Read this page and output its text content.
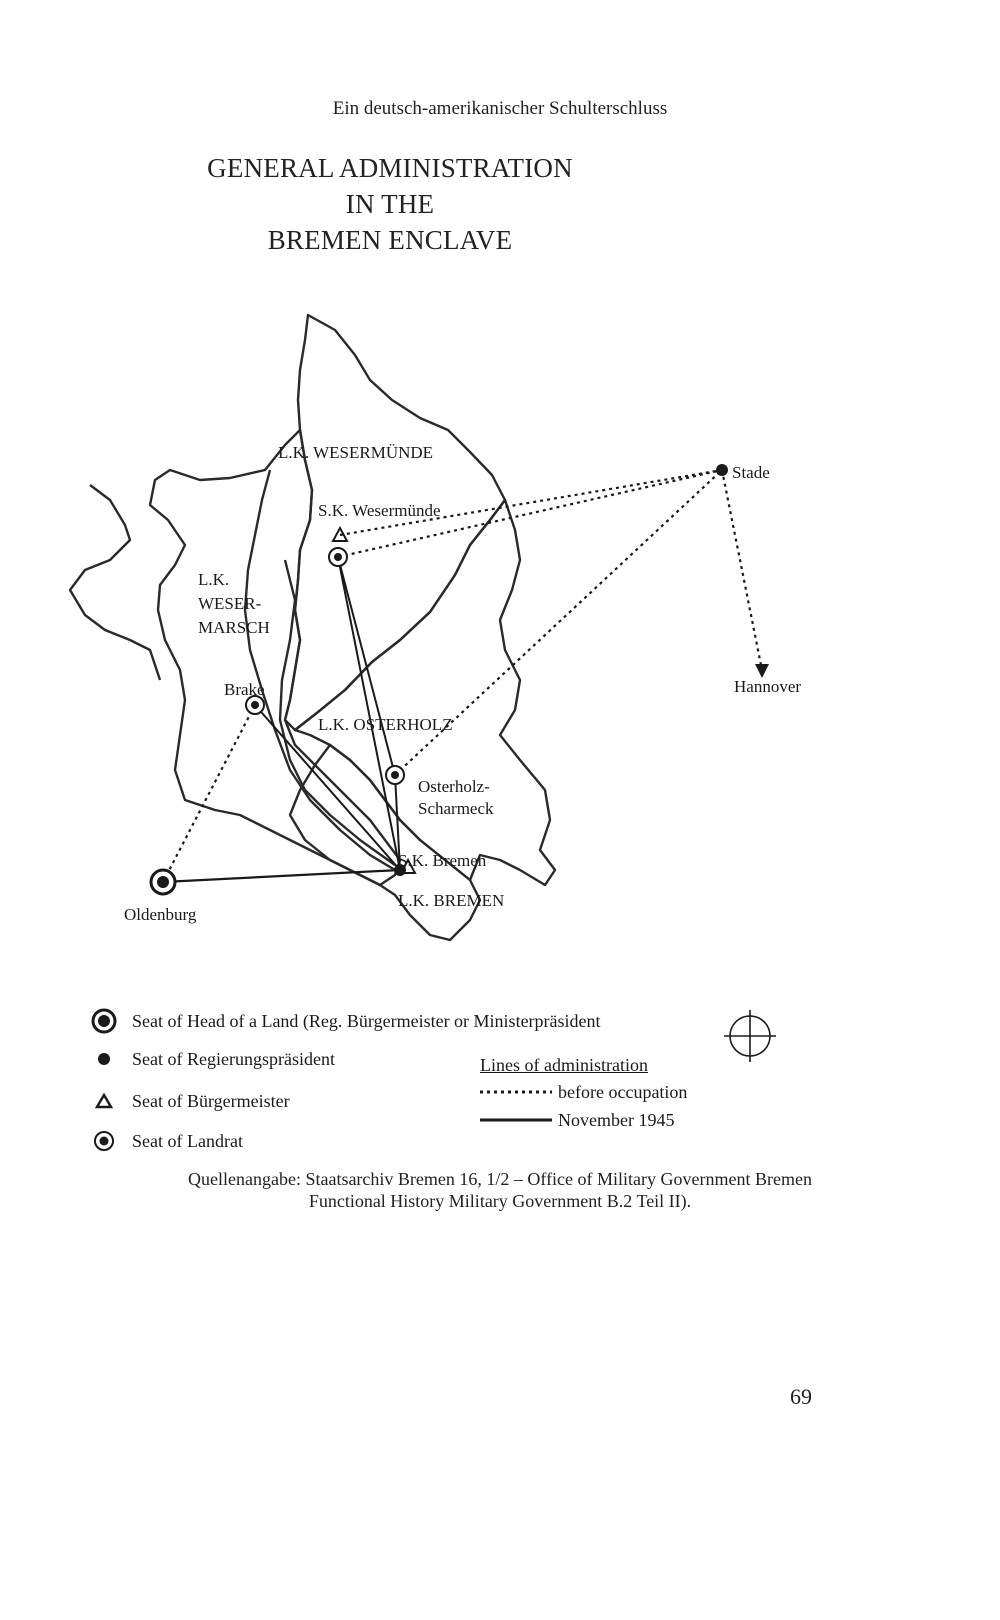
Ein deutsch-amerikanischer Schulterschluss
GENERAL ADMINISTRATION
IN THE
BREMEN ENCLAVE
L.K. WESERMÜNDE
Stade
S.K. Wesermünde
L.K.
WESER-
MARSCH
Brake	Hannover
L.K. OSTERHOLZ
Osterholz-
Scharmeck
S.K. Bremen
L.K. BREMEN
Oldenburg
Seat of Head of a Land (Reg. Bürgermeister or Ministerpräsident
Seat of Regierungspräsident
Seat of Bürgermeister
Seat of Landrat
Lines of administration
before occupation
November 1945
Quellenangabe: Staatsarchiv Bremen 16, 1/2 – Office of Military Government Bremen
Functional History Military Government B.2 Teil II).
69
